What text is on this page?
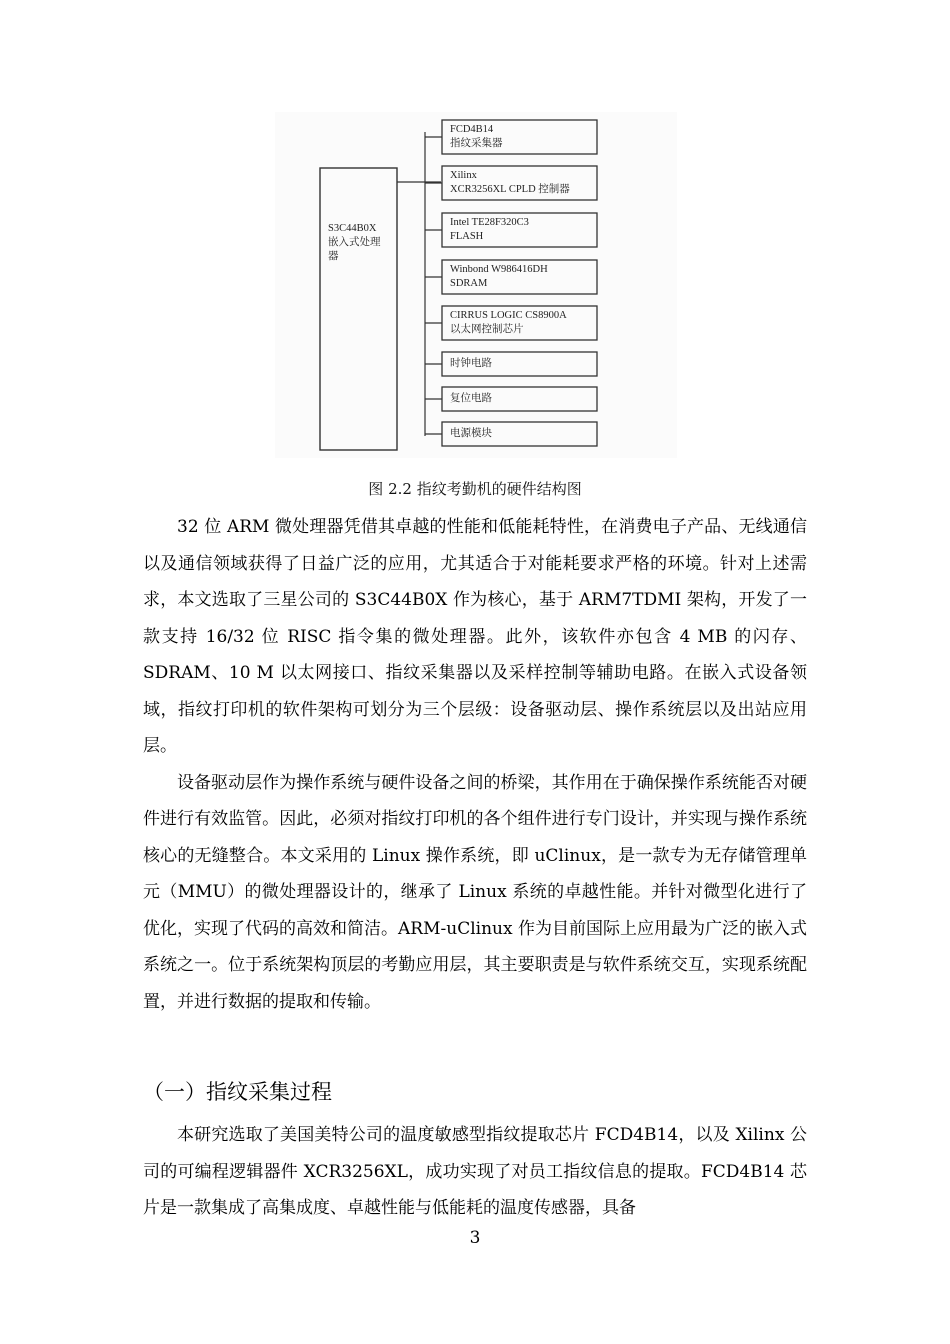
S3C44B0X
嵌入式处理
器
FCD4B14
指纹采集器
Xilinx
XCR3256XL CPLD 控制器
Intel TE28F320C3
FLASH
Winbond W986416DH
SDRAM
CIRRUS LOGIC CS8900A
以太网控制芯片
时钟电路
复位电路
电源模块
图 2.2 指纹考勤机的硬件结构图

32 位 ARM 微处理器凭借其卓越的性能和低能耗特性，在消费电子产品、无线通信以及通信领域获得了日益广泛的应用，尤其适合于对能耗要求严格的环境。针对上述需求，本文选取了三星公司的 S3C44B0X 作为核心，基于 ARM7TDMI 架构，开发了一款支持 16/32 位 RISC 指令集的微处理器。此外，该软件亦包含 4 MB 的闪存、SDRAM、10 M 以太网接口、指纹采集器以及采样控制等辅助电路。在嵌入式设备领域，指纹打印机的软件架构可划分为三个层级：设备驱动层、操作系统层以及出站应用层。

设备驱动层作为操作系统与硬件设备之间的桥梁，其作用在于确保操作系统能否对硬件进行有效监管。因此，必须对指纹打印机的各个组件进行专门设计，并实现与操作系统核心的无缝整合。本文采用的 Linux 操作系统，即 uClinux，是一款专为无存储管理单元（MMU）的微处理器设计的，继承了 Linux 系统的卓越性能。并针对微型化进行了优化，实现了代码的高效和简洁。ARM-uClinux 作为目前国际上应用最为广泛的嵌入式系统之一。位于系统架构顶层的考勤应用层，其主要职责是与软件系统交互，实现系统配置，并进行数据的提取和传输。

（一）指纹采集过程

本研究选取了美国美特公司的温度敏感型指纹提取芯片 FCD4B14，以及 Xilinx 公司的可编程逻辑器件 XCR3256XL，成功实现了对员工指纹信息的提取。FCD4B14 芯片是一款集成了高集成度、卓越性能与低能耗的温度传感器，具备

3
